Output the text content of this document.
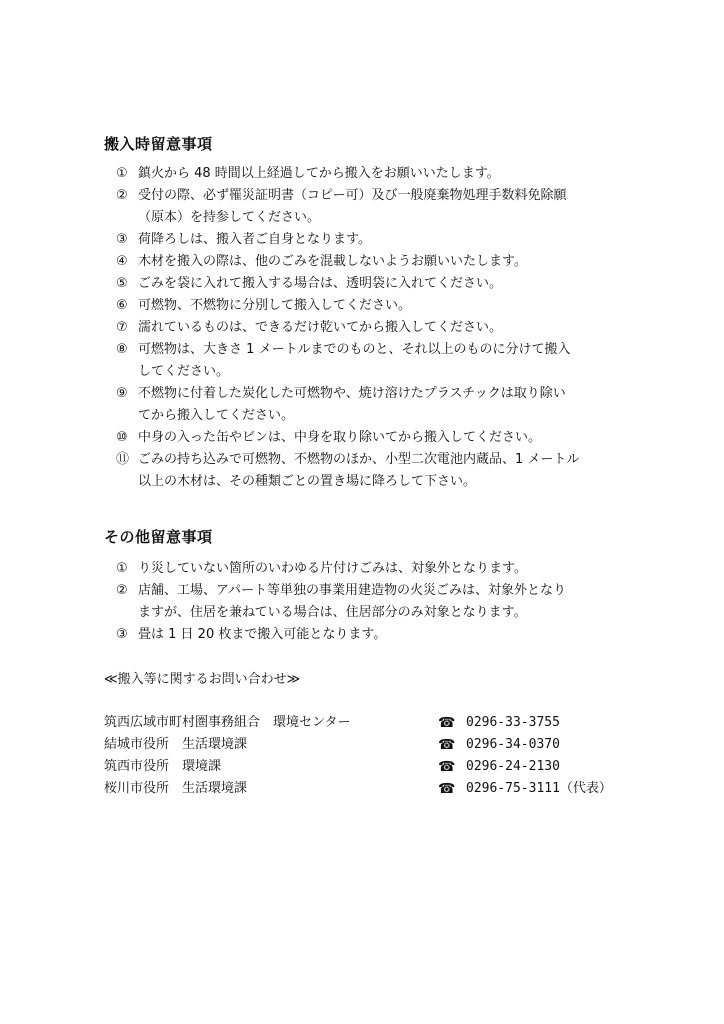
搬入時留意事項
① 鎮火から 48 時間以上経過してから搬入をお願いいたします。
② 受付の際、必ず罹災証明書（コピー可）及び一般廃棄物処理手数料免除願
（原本）を持参してください。
③ 荷降ろしは、搬入者ご自身となります。
④ 木材を搬入の際は、他のごみを混載しないようお願いいたします。
⑤ ごみを袋に入れて搬入する場合は、透明袋に入れてください。
⑥ 可燃物、不燃物に分別して搬入してください。
⑦ 濡れているものは、できるだけ乾いてから搬入してください。
⑧ 可燃物は、大きさ 1 メートルまでのものと、それ以上のものに分けて搬入
してください。
⑨ 不燃物に付着した炭化した可燃物や、焼け溶けたプラスチックは取り除い
てから搬入してください。
⑩ 中身の入った缶やビンは、中身を取り除いてから搬入してください。
⑪ ごみの持ち込みで可燃物、不燃物のほか、小型二次電池内蔵品、1 メートル
以上の木材は、その種類ごとの置き場に降ろして下さい。
その他留意事項
① り災していない箇所のいわゆる片付けごみは、対象外となります。
② 店舗、工場、アパート等単独の事業用建造物の火災ごみは、対象外となり
ますが、住居を兼ねている場合は、住居部分のみ対象となります。
③ 畳は 1 日 20 枚まで搬入可能となります。

≪搬入等に関するお問い合わせ≫

筑西広域市町村圏事務組合　環境センター	☎ 0296-33-3755
結城市役所　生活環境課	☎ 0296-34-0370
筑西市役所　環境課	☎ 0296-24-2130
桜川市役所　生活環境課	☎ 0296-75-3111（代表）
